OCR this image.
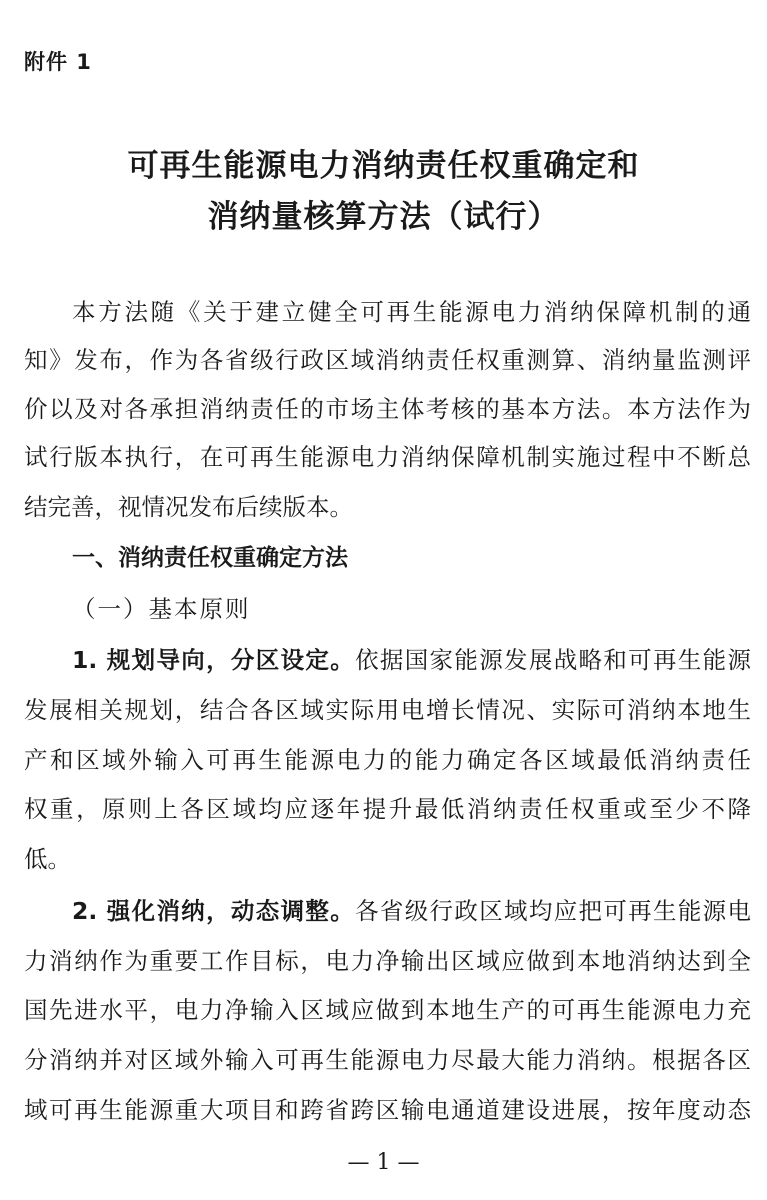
附件 1
可再生能源电力消纳责任权重确定和
消纳量核算方法（试行）
本方法随《关于建立健全可再生能源电力消纳保障机制的通
知》发布，作为各省级行政区域消纳责任权重测算、消纳量监测评
价以及对各承担消纳责任的市场主体考核的基本方法。本方法作为
试行版本执行，在可再生能源电力消纳保障机制实施过程中不断总
结完善，视情况发布后续版本。
一、消纳责任权重确定方法
（一）基本原则
1. 规划导向，分区设定。依据国家能源发展战略和可再生能源
发展相关规划，结合各区域实际用电增长情况、实际可消纳本地生
产和区域外输入可再生能源电力的能力确定各区域最低消纳责任
权重，原则上各区域均应逐年提升最低消纳责任权重或至少不降
低。
2. 强化消纳，动态调整。各省级行政区域均应把可再生能源电
力消纳作为重要工作目标，电力净输出区域应做到本地消纳达到全
国先进水平，电力净输入区域应做到本地生产的可再生能源电力充
分消纳并对区域外输入可再生能源电力尽最大能力消纳。根据各区
域可再生能源重大项目和跨省跨区输电通道建设进展，按年度动态
— 1 —
